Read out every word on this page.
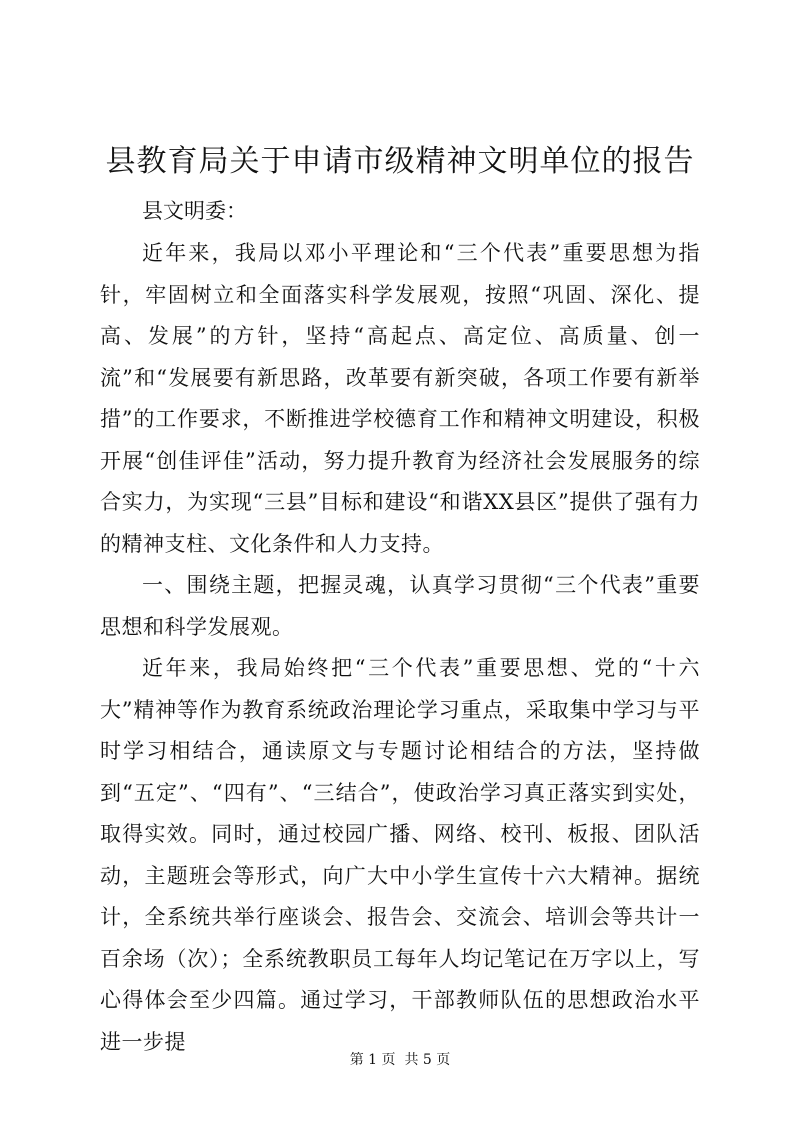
县教育局关于申请市级精神文明单位的报告

县文明委：

近年来，我局以邓小平理论和“三个代表”重要思想为指针，牢固树立和全面落实科学发展观，按照“巩固、深化、提高、发展”的方针，坚持“高起点、高定位、高质量、创一流”和“发展要有新思路，改革要有新突破，各项工作要有新举措”的工作要求，不断推进学校德育工作和精神文明建设，积极开展“创佳评佳”活动，努力提升教育为经济社会发展服务的综合实力，为实现“三县”目标和建设“和谐XX县区”提供了强有力的精神支柱、文化条件和人力支持。

一、围绕主题，把握灵魂，认真学习贯彻“三个代表”重要思想和科学发展观。

近年来，我局始终把“三个代表”重要思想、党的“十六大”精神等作为教育系统政治理论学习重点，采取集中学习与平时学习相结合，通读原文与专题讨论相结合的方法，坚持做到“五定”、“四有”、“三结合”，使政治学习真正落实到实处，取得实效。同时，通过校园广播、网络、校刊、板报、团队活动，主题班会等形式，向广大中小学生宣传十六大精神。据统计，全系统共举行座谈会、报告会、交流会、培训会等共计一百余场（次）；全系统教职员工每年人均记笔记在万字以上，写心得体会至少四篇。通过学习，干部教师队伍的思想政治水平进一步提

第 1 页  共 5 页
